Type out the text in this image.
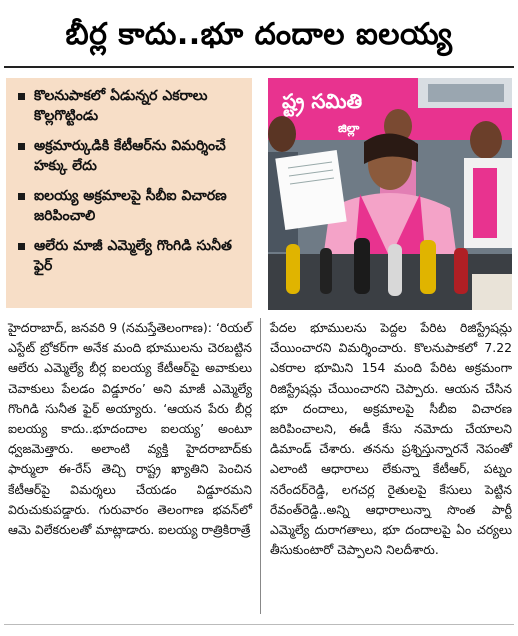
బీర్ల కాదు..భూ దందాల ఐలయ్య
కొలనుపాకలో ఏడున్నర ఎకరాలు కొల్లగొట్టిండు
అక్రమార్కుడికి కేటీఆర్‌ను విమర్శించే హక్కు లేదు
ఐలయ్య అక్రమాలపై సీబీఐ విచారణ జరిపించాలి
ఆలేరు మాజీ ఎమ్మెల్యే గొంగిడి సునీత ఫైర్
ష్ట్ర సమితి
జిల్లా

హైదరాబాద్, జనవరి 9 (నమస్తేతెలంగాణ): ‘రియల్ ఎస్టేట్ బ్రోకర్‌గా అనేక మంది భూములను చెరబట్టిన ఆలేరు ఎమ్మెల్యే బీర్ల ఐలయ్య కేటీఆర్‌పై అవాకులు చెవాకులు పేలడం విడ్డూరం’ అని మాజీ ఎమ్మెల్యే గొంగిడి సునీత ఫైర్ అయ్యారు. ‘ఆయన పేరు బీర్ల ఐలయ్య కాదు..భూదందాల ఐలయ్య’ అంటూ ధ్వజమెత్తారు. అలాంటి వ్యక్తి హైదరాబాద్‌కు ఫార్ములా ఈ-రేస్ తెచ్చి రాష్ట్ర ఖ్యాతిని పెంచిన కేటీఆర్‌పై విమర్శలు చేయడం విడ్డూరమని విరుచుకుపడ్డారు. గురువారం తెలంగాణ భవన్‌లో ఆమె విలేకరులతో మాట్లాడారు. ఐలయ్య రాత్రికిరాత్రే

పేదల భూములను పెద్దల పేరిట రిజిస్ట్రేషన్లు చేయించారని విమర్శించారు. కొలనుపాకలో 7.22 ఎకరాల భూమిని 154 మంది పేరిట అక్రమంగా రిజిస్ట్రేషన్లు చేయించారని చెప్పారు. ఆయన చేసిన భూ దందాలు, అక్రమాలపై సీబీఐ విచారణ జరిపించాలని, ఈడీ కేసు నమోదు చేయాలని డిమాండ్ చేశారు. తనను ప్రశ్నిస్తున్నారనే నెపంతో ఎలాంటి ఆధారాలు లేకున్నా కేటీఆర్, పట్నం నరేందర్‌రెడ్డి, లగచర్ల రైతులపై కేసులు పెట్టిన రేవంత్‌రెడ్డి..అన్ని ఆధారాలున్నా సొంత పార్టీ ఎమ్మెల్యే దురాగతాలు, భూ దందాలపై ఏం చర్యలు తీసుకుంటారో చెప్పాలని నిలదీశారు.
